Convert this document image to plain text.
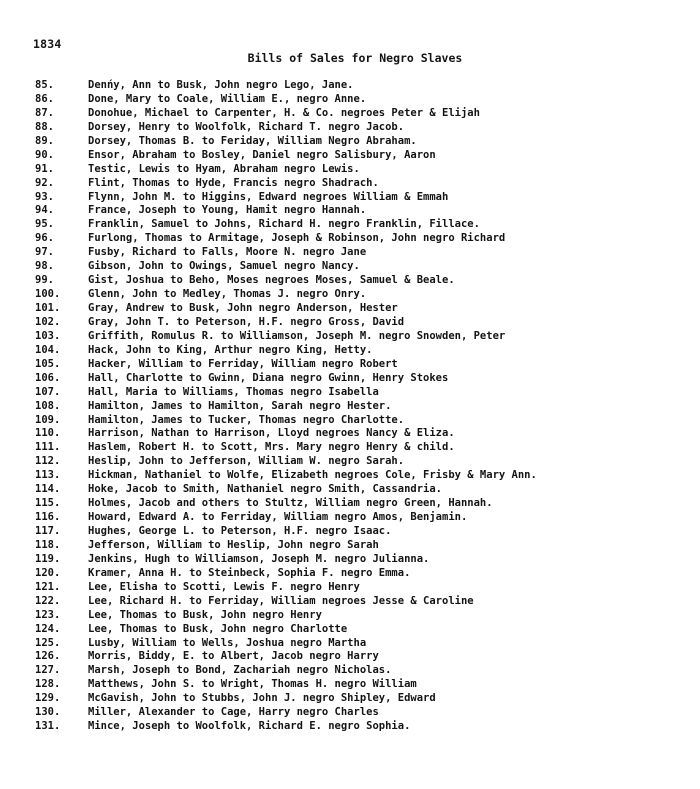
1834
Bills of Sales for Negro Slaves
85.	Denńy, Ann to Busk, John negro Lego, Jane.
86.	Done, Mary to Coale, William E., negro Anne.
87.	Donohue, Michael to Carpenter, H. & Co. negroes Peter & Elijah
88.	Dorsey, Henry to Woolfolk, Richard T. negro Jacob.
89.	Dorsey, Thomas B. to Feriday, William Negro Abraham.
90.	Ensor, Abraham to Bosley, Daniel negro Salisbury, Aaron
91.	Testic, Lewis to Hyam, Abraham negro Lewis.
92.	Flint, Thomas to Hyde, Francis negro Shadrach.
93.	Flynn, John M. to Higgins, Edward negroes William & Emmah
94.	France, Joseph to Young, Hamit negro Hannah.
95.	Franklin, Samuel to Johns, Richard H. negro Franklin, Fillace.
96.	Furlong, Thomas to Armitage, Joseph & Robinson, John negro Richard
97.	Fusby, Richard to Falls, Moore N. negro Jane
98.	Gibson, John to Owings, Samuel negro Nancy.
99.	Gist, Joshua to Beho, Moses negroes Moses, Samuel & Beale.
100.	Glenn, John to Medley, Thomas J. negro Onry.
101.	Gray, Andrew to Busk, John negro Anderson, Hester
102.	Gray, John T. to Peterson, H.F. negro Gross, David
103.	Griffith, Romulus R. to Williamson, Joseph M. negro Snowden, Peter
104.	Hack, John to King, Arthur negro King, Hetty.
105.	Hacker, William to Ferriday, William negro Robert
106.	Hall, Charlotte to Gwinn, Diana negro Gwinn, Henry Stokes
107.	Hall, Maria to Williams, Thomas negro Isabella
108.	Hamilton, James to Hamilton, Sarah negro Hester.
109.	Hamilton, James to Tucker, Thomas negro Charlotte.
110.	Harrison, Nathan to Harrison, Lloyd negroes Nancy & Eliza.
111.	Haslem, Robert H. to Scott, Mrs. Mary negro Henry & child.
112.	Heslip, John to Jefferson, William W. negro Sarah.
113.	Hickman, Nathaniel to Wolfe, Elizabeth negroes Cole, Frisby & Mary Ann.
114.	Hoke, Jacob to Smith, Nathaniel negro Smith, Cassandria.
115.	Holmes, Jacob and others to Stultz, William negro Green, Hannah.
116.	Howard, Edward A. to Ferriday, William negro Amos, Benjamin.
117.	Hughes, George L. to Peterson, H.F. negro Isaac.
118.	Jefferson, William to Heslip, John negro Sarah
119.	Jenkins, Hugh to Williamson, Joseph M. negro Julianna.
120.	Kramer, Anna H. to Steinbeck, Sophia F. negro Emma.
121.	Lee, Elisha to Scotti, Lewis F. negro Henry
122.	Lee, Richard H. to Ferriday, William negroes Jesse & Caroline
123.	Lee, Thomas to Busk, John negro Henry
124.	Lee, Thomas to Busk, John negro Charlotte
125.	Lusby, William to Wells, Joshua negro Martha
126.	Morris, Biddy, E. to Albert, Jacob negro Harry
127.	Marsh, Joseph to Bond, Zachariah negro Nicholas.
128.	Matthews, John S. to Wright, Thomas H. negro William
129.	McGavish, John to Stubbs, John J. negro Shipley, Edward
130.	Miller, Alexander to Cage, Harry negro Charles
131.	Mince, Joseph to Woolfolk, Richard E. negro Sophia.
